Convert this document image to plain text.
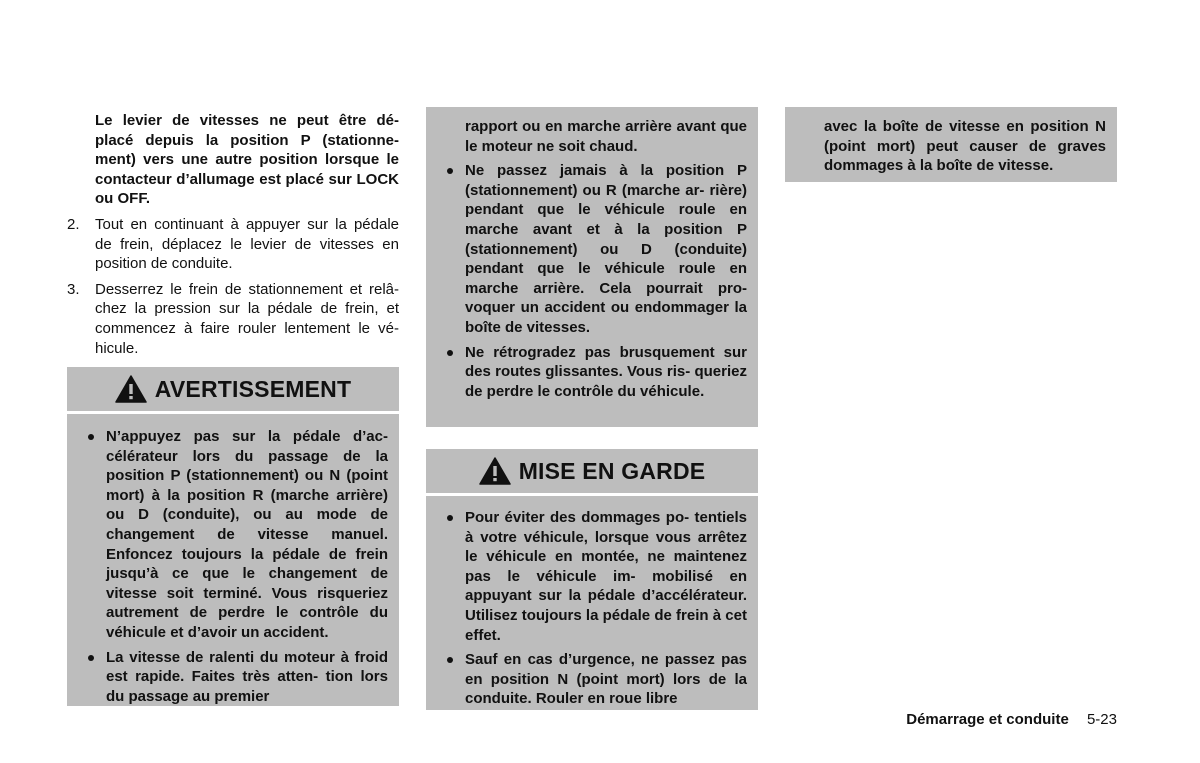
Le levier de vitesses ne peut être dé- placé depuis la position P (stationne- ment) vers une autre position lorsque le contacteur d’allumage est placé sur LOCK ou OFF.
2. Tout en continuant à appuyer sur la pédale de frein, déplacez le levier de vitesses en position de conduite.
3. Desserrez le frein de stationnement et relâ- chez la pression sur la pédale de frein, et commencez à faire rouler lentement le vé- hicule.
AVERTISSEMENT
N’appuyez pas sur la pédale d’ac- célérateur lors du passage de la position P (stationnement) ou N (point mort) à la position R (marche arrière) ou D (conduite), ou au mode de changement de vitesse manuel. Enfoncez toujours la pédale de frein jusqu’à ce que le changement de vitesse soit terminé. Vous risqueriez autrement de perdre le contrôle du véhicule et d’avoir un accident.
La vitesse de ralenti du moteur à froid est rapide. Faites très atten- tion lors du passage au premier
rapport ou en marche arrière avant que le moteur ne soit chaud.
Ne passez jamais à la position P (stationnement) ou R (marche ar- rière) pendant que le véhicule roule en marche avant et à la position P (stationnement) ou D (conduite) pendant que le véhicule roule en marche arrière. Cela pourrait pro- voquer un accident ou endommager la boîte de vitesses.
Ne rétrogradez pas brusquement sur des routes glissantes. Vous ris- queriez de perdre le contrôle du véhicule.
MISE EN GARDE
Pour éviter des dommages po- tentiels à votre véhicule, lorsque vous arrêtez le véhicule en montée, ne maintenez pas le véhicule im- mobilisé en appuyant sur la pédale d’accélérateur. Utilisez toujours la pédale de frein à cet effet.
Sauf en cas d’urgence, ne passez pas en position N (point mort) lors de la conduite. Rouler en roue libre
avec la boîte de vitesse en position N (point mort) peut causer de graves dommages à la boîte de vitesse.
Démarrage et conduite 5-23
